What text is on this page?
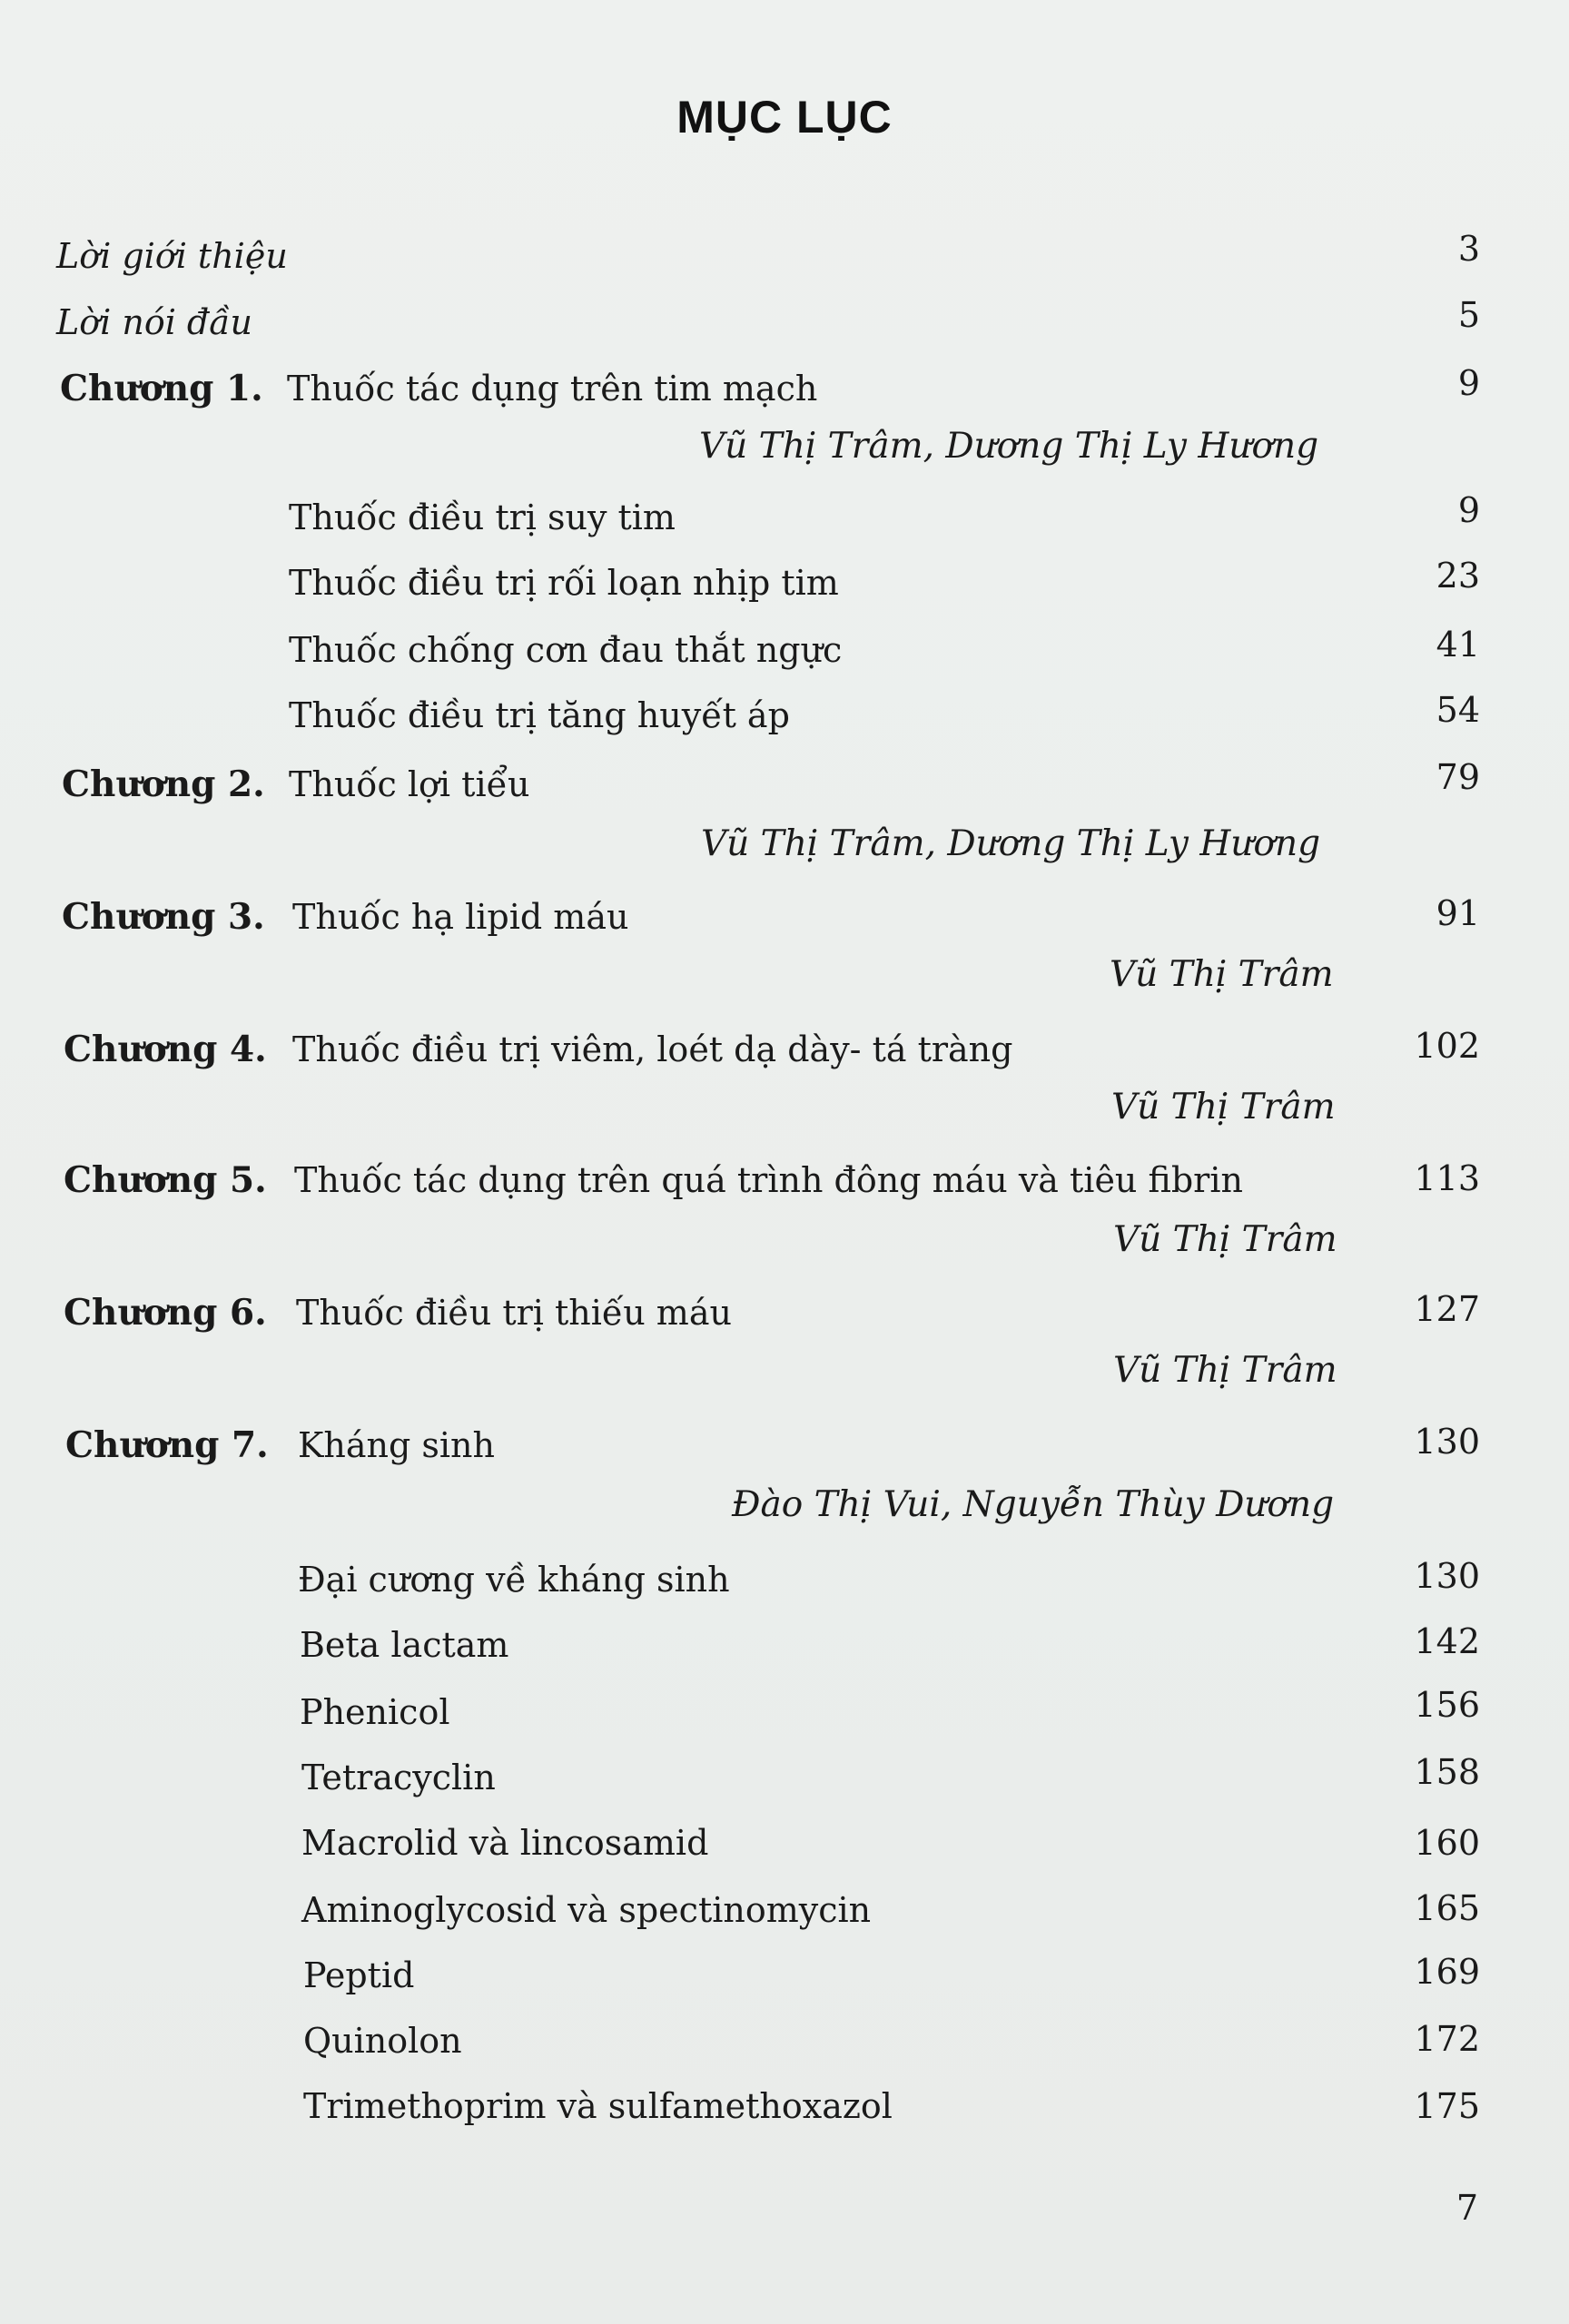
MỤC LỤC
Lời giới thiệu	3
Lời nói đầu	5
Chương 1. Thuốc tác dụng trên tim mạch	9
Vũ Thị Trâm, Dương Thị Ly Hương
Thuốc điều trị suy tim	9
Thuốc điều trị rối loạn nhịp tim	23
Thuốc chống cơn đau thắt ngực	41
Thuốc điều trị tăng huyết áp	54
Chương 2. Thuốc lợi tiểu	79
Vũ Thị Trâm, Dương Thị Ly Hương
Chương 3. Thuốc hạ lipid máu	91
Vũ Thị Trâm
Chương 4. Thuốc điều trị viêm, loét dạ dày- tá tràng	102
Vũ Thị Trâm
Chương 5. Thuốc tác dụng trên quá trình đông máu và tiêu fibrin	113
Vũ Thị Trâm
Chương 6. Thuốc điều trị thiếu máu	127
Vũ Thị Trâm
Chương 7. Kháng sinh	130
Đào Thị Vui, Nguyễn Thùy Dương
Đại cương về kháng sinh	130
Beta lactam	142
Phenicol	156
Tetracyclin	158
Macrolid và lincosamid	160
Aminoglycosid và spectinomycin	165
Peptid	169
Quinolon	172
Trimethoprim và sulfamethoxazol	175
7
